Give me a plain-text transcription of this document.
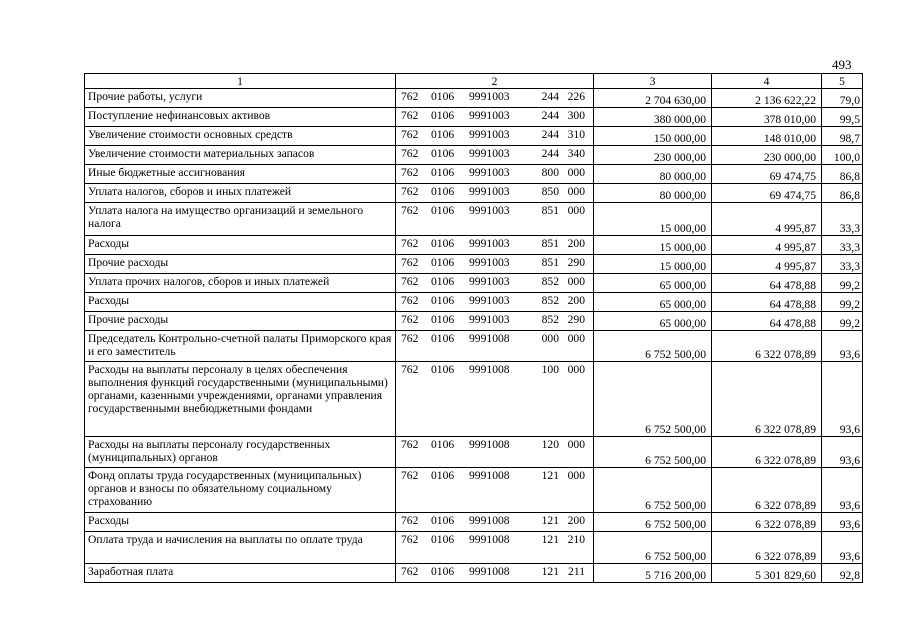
493
1	2	3	4	5
Прочие работы, услуги	762 0106 9991003 244 226	2 704 630,00	2 136 622,22	79,0
Поступление нефинансовых активов	762 0106 9991003 244 300	380 000,00	378 010,00	99,5
Увеличение стоимости основных средств	762 0106 9991003 244 310	150 000,00	148 010,00	98,7
Увеличение стоимости материальных запасов	762 0106 9991003 244 340	230 000,00	230 000,00	100,0
Иные бюджетные ассигнования	762 0106 9991003 800 000	80 000,00	69 474,75	86,8
Уплата налогов, сборов и иных платежей	762 0106 9991003 850 000	80 000,00	69 474,75	86,8
Уплата налога на имущество организаций и земельного налога	762 0106 9991003 851 000	15 000,00	4 995,87	33,3
Расходы	762 0106 9991003 851 200	15 000,00	4 995,87	33,3
Прочие расходы	762 0106 9991003 851 290	15 000,00	4 995,87	33,3
Уплата прочих налогов, сборов и иных платежей	762 0106 9991003 852 000	65 000,00	64 478,88	99,2
Расходы	762 0106 9991003 852 200	65 000,00	64 478,88	99,2
Прочие расходы	762 0106 9991003 852 290	65 000,00	64 478,88	99,2
Председатель Контрольно-счетной палаты Приморского края и его заместитель	762 0106 9991008 000 000	6 752 500,00	6 322 078,89	93,6
Расходы на выплаты персоналу в целях обеспечения выполнения функций государственными (муниципальными) органами, казенными учреждениями, органами управления государственными внебюджетными фондами	762 0106 9991008 100 000	6 752 500,00	6 322 078,89	93,6
Расходы на выплаты персоналу государственных (муниципальных) органов	762 0106 9991008 120 000	6 752 500,00	6 322 078,89	93,6
Фонд оплаты труда государственных (муниципальных) органов и взносы по обязательному социальному страхованию	762 0106 9991008 121 000	6 752 500,00	6 322 078,89	93,6
Расходы	762 0106 9991008 121 200	6 752 500,00	6 322 078,89	93,6
Оплата труда и начисления на выплаты по оплате труда	762 0106 9991008 121 210	6 752 500,00	6 322 078,89	93,6
Заработная плата	762 0106 9991008 121 211	5 716 200,00	5 301 829,60	92,8
